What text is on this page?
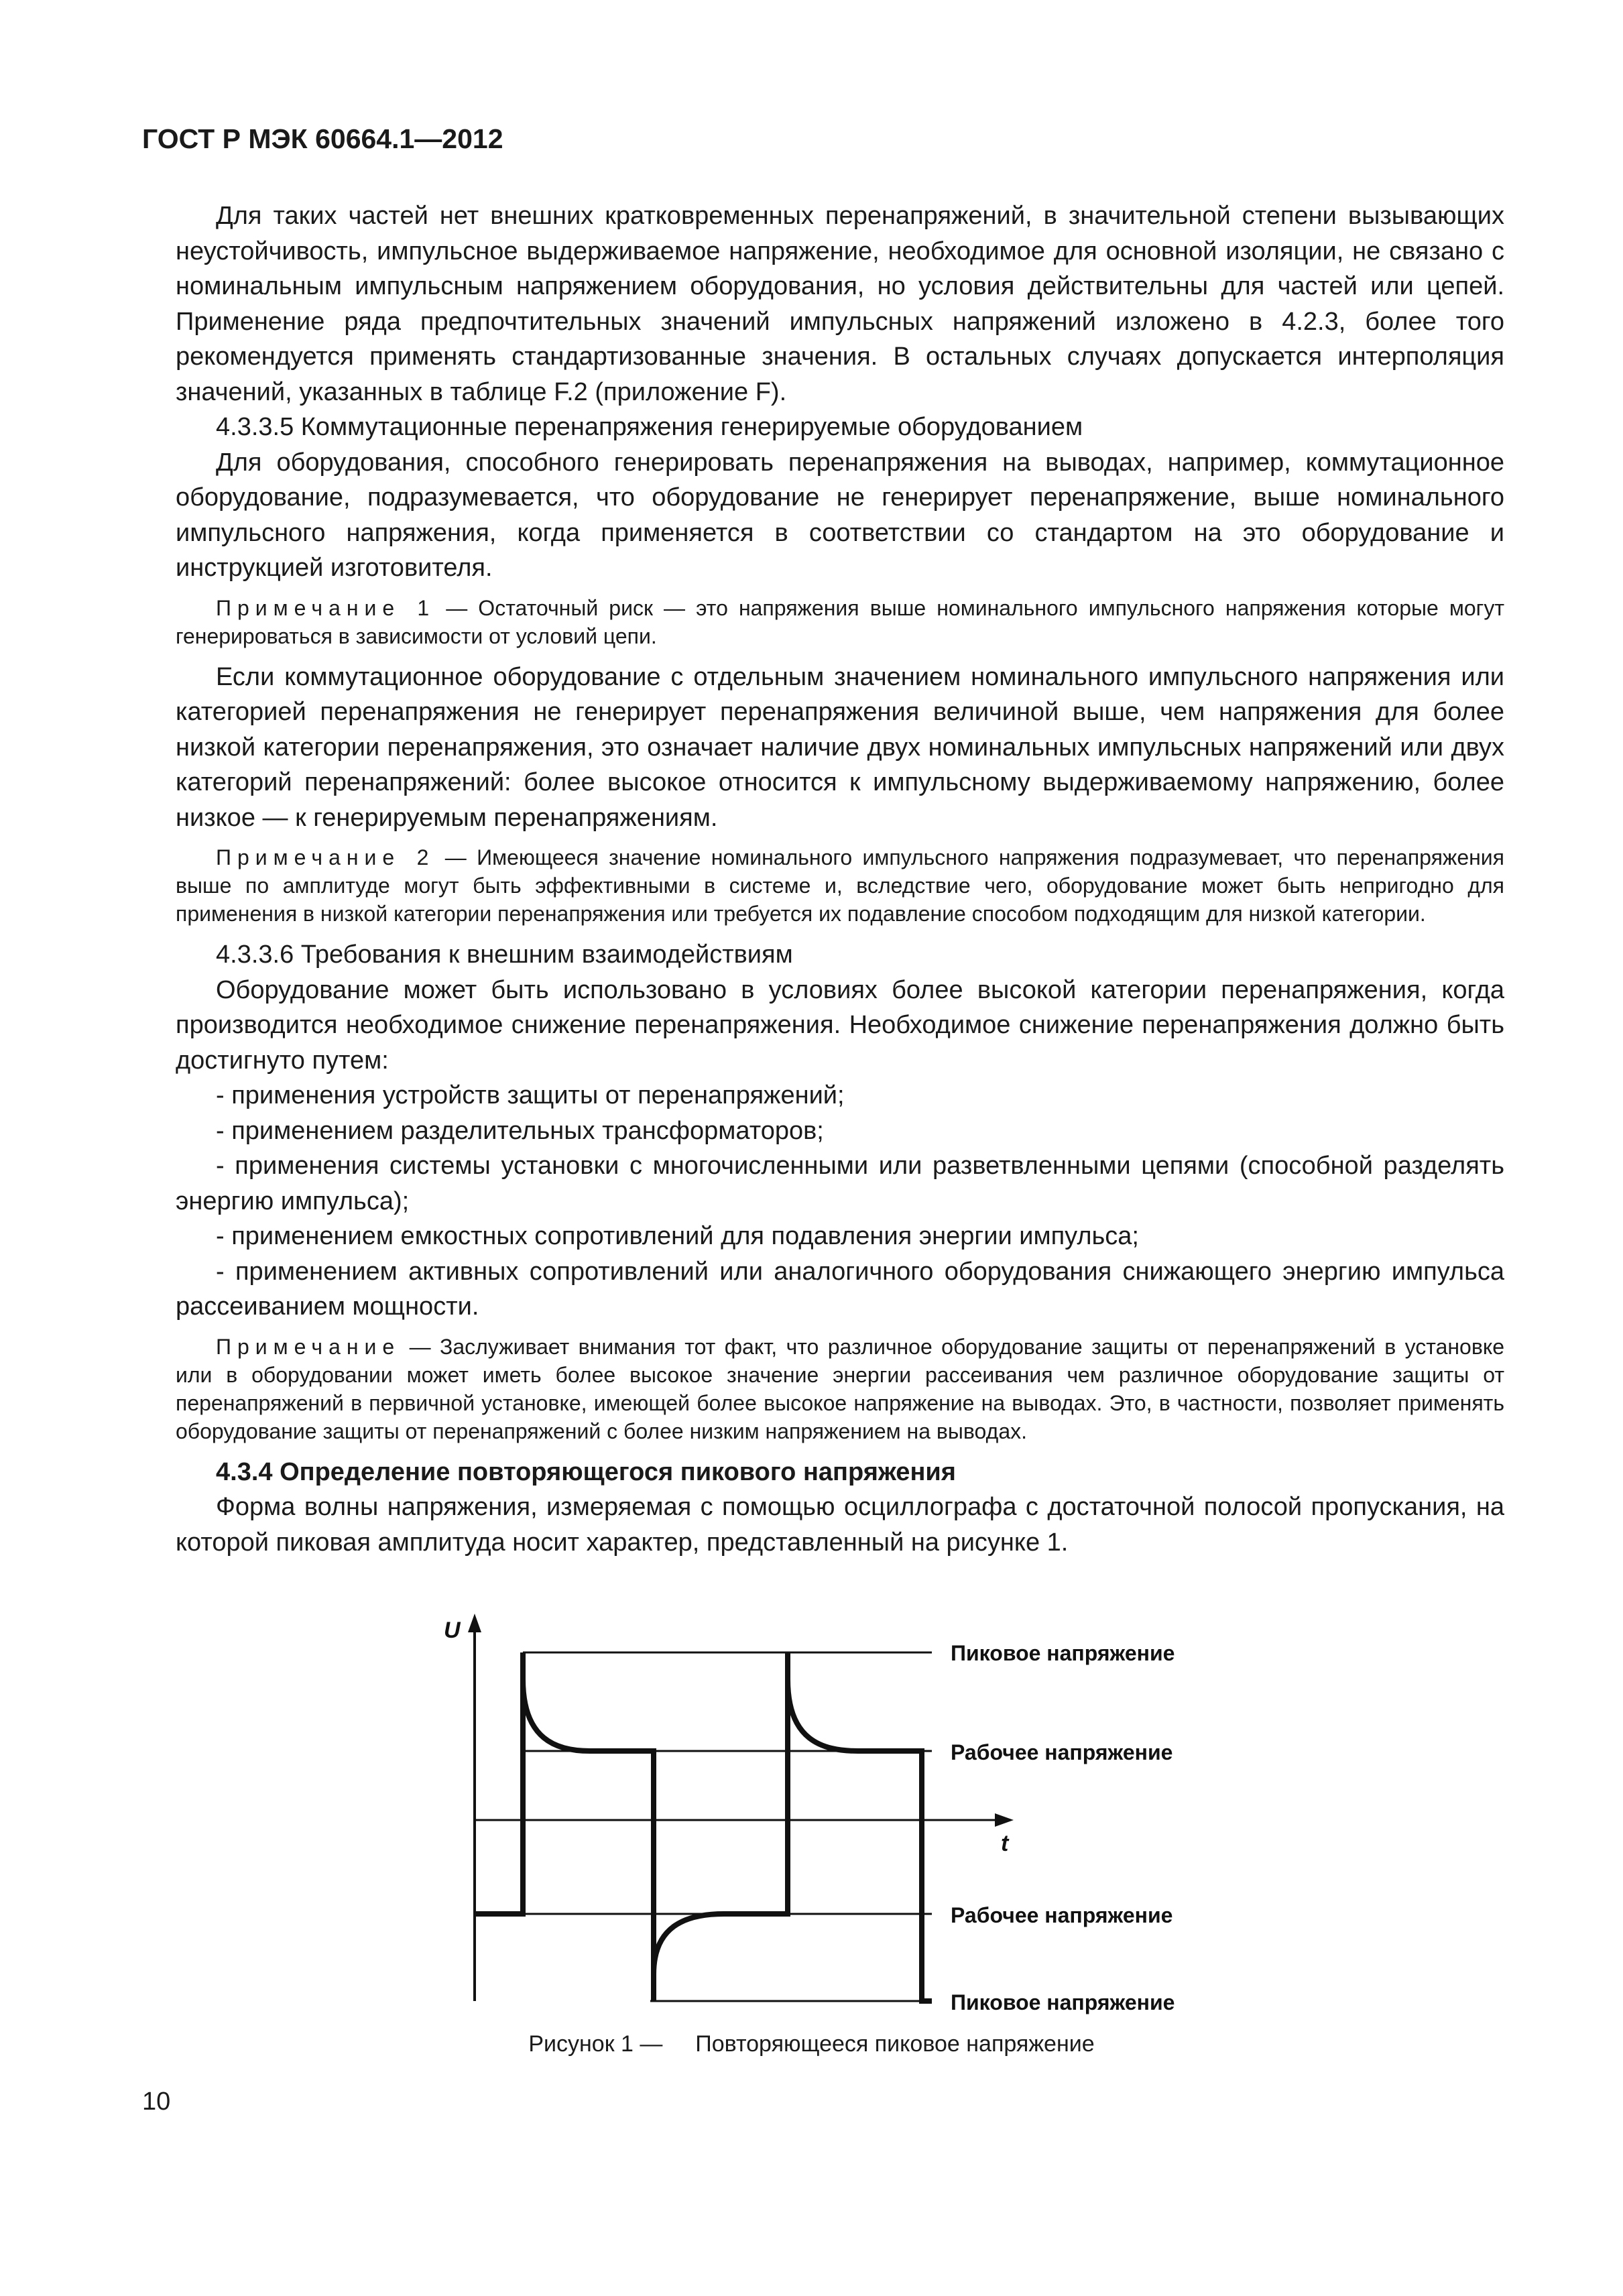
ГОСТ Р МЭК 60664.1—2012

Для таких частей нет внешних кратковременных перенапряжений, в значительной степени вызывающих неустойчивость, импульсное выдерживаемое напряжение, необходимое для основной изоляции, не связано с номинальным импульсным напряжением оборудования, но условия действительны для частей или цепей. Применение ряда предпочтительных значений импульсных напряжений изложено в 4.2.3, более того рекомендуется применять стандартизованные значения. В остальных случаях допускается интерполяция значений, указанных в таблице F.2 (приложение F).

4.3.3.5 Коммутационные перенапряжения генерируемые оборудованием

Для оборудования, способного генерировать перенапряжения на выводах, например, коммутационное оборудование, подразумевается, что оборудование не генерирует перенапряжение, выше номинального импульсного напряжения, когда применяется в соответствии со стандартом на это оборудование и инструкцией изготовителя.

Примечание 1 — Остаточный риск — это напряжения выше номинального импульсного напряжения которые могут генерироваться в зависимости от условий цепи.

Если коммутационное оборудование с отдельным значением номинального импульсного напряжения или категорией перенапряжения не генерирует перенапряжения величиной выше, чем напряжения для более низкой категории перенапряжения, это означает наличие двух номинальных импульсных напряжений или двух категорий перенапряжений: более высокое относится к импульсному выдерживаемому напряжению, более низкое — к генерируемым перенапряжениям.

Примечание 2 — Имеющееся значение номинального импульсного напряжения подразумевает, что перенапряжения выше по амплитуде могут быть эффективными в системе и, вследствие чего, оборудование может быть непригодно для применения в низкой категории перенапряжения или требуется их подавление способом подходящим для низкой категории.

4.3.3.6 Требования к внешним взаимодействиям

Оборудование может быть использовано в условиях более высокой категории перенапряжения, когда производится необходимое снижение перенапряжения. Необходимое снижение перенапряжения должно быть достигнуто путем:

- применения устройств защиты от перенапряжений;

- применением разделительных трансформаторов;

- применения системы установки с многочисленными или разветвленными цепями (способной разделять энергию импульса);

- применением емкостных сопротивлений для подавления энергии импульса;

- применением активных сопротивлений или аналогичного оборудования снижающего энергию импульса рассеиванием мощности.

Примечание — Заслуживает внимания тот факт, что различное оборудование защиты от перенапряжений в установке или в оборудовании может иметь более высокое значение энергии рассеивания чем различное оборудование защиты от перенапряжений в первичной установке, имеющей более высокое напряжение на выводах. Это, в частности, позволяет применять оборудование защиты от перенапряжений с более низким напряжением на выводах.

4.3.4 Определение повторяющегося пикового напряжения

Форма волны напряжения, измеряемая с помощью осциллографа с достаточной полосой пропускания, на которой пиковая амплитуда носит характер, представленный на рисунке 1.

U
t
Пиковое напряжение
Рабочее напряжение
Рабочее напряжение
Пиковое напряжение
Рисунок 1 — Повторяющееся пиковое напряжение
10
